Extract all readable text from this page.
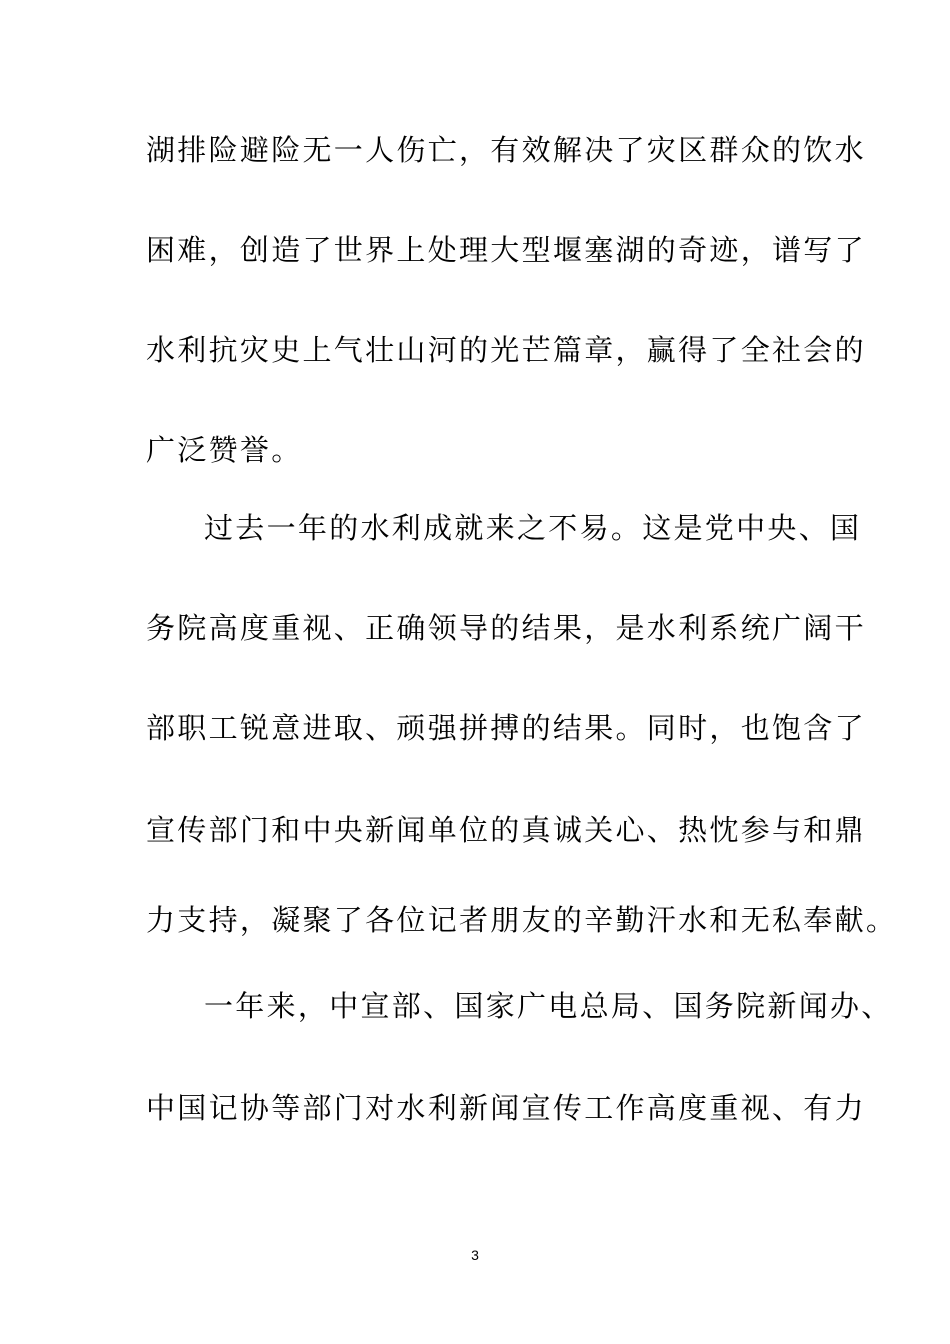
湖排险避险无一人伤亡，有效解决了灾区群众的饮水
困难，创造了世界上处理大型堰塞湖的奇迹，谱写了
水利抗灾史上气壮山河的光芒篇章，赢得了全社会的
广泛赞誉。
过去一年的水利成就来之不易。这是党中央、国
务院高度重视、正确领导的结果，是水利系统广阔干
部职工锐意进取、顽强拼搏的结果。同时，也饱含了
宣传部门和中央新闻单位的真诚关心、热忱参与和鼎
力支持，凝聚了各位记者朋友的辛勤汗水和无私奉献。
一年来，中宣部、国家广电总局、国务院新闻办、
中国记协等部门对水利新闻宣传工作高度重视、有力
3
